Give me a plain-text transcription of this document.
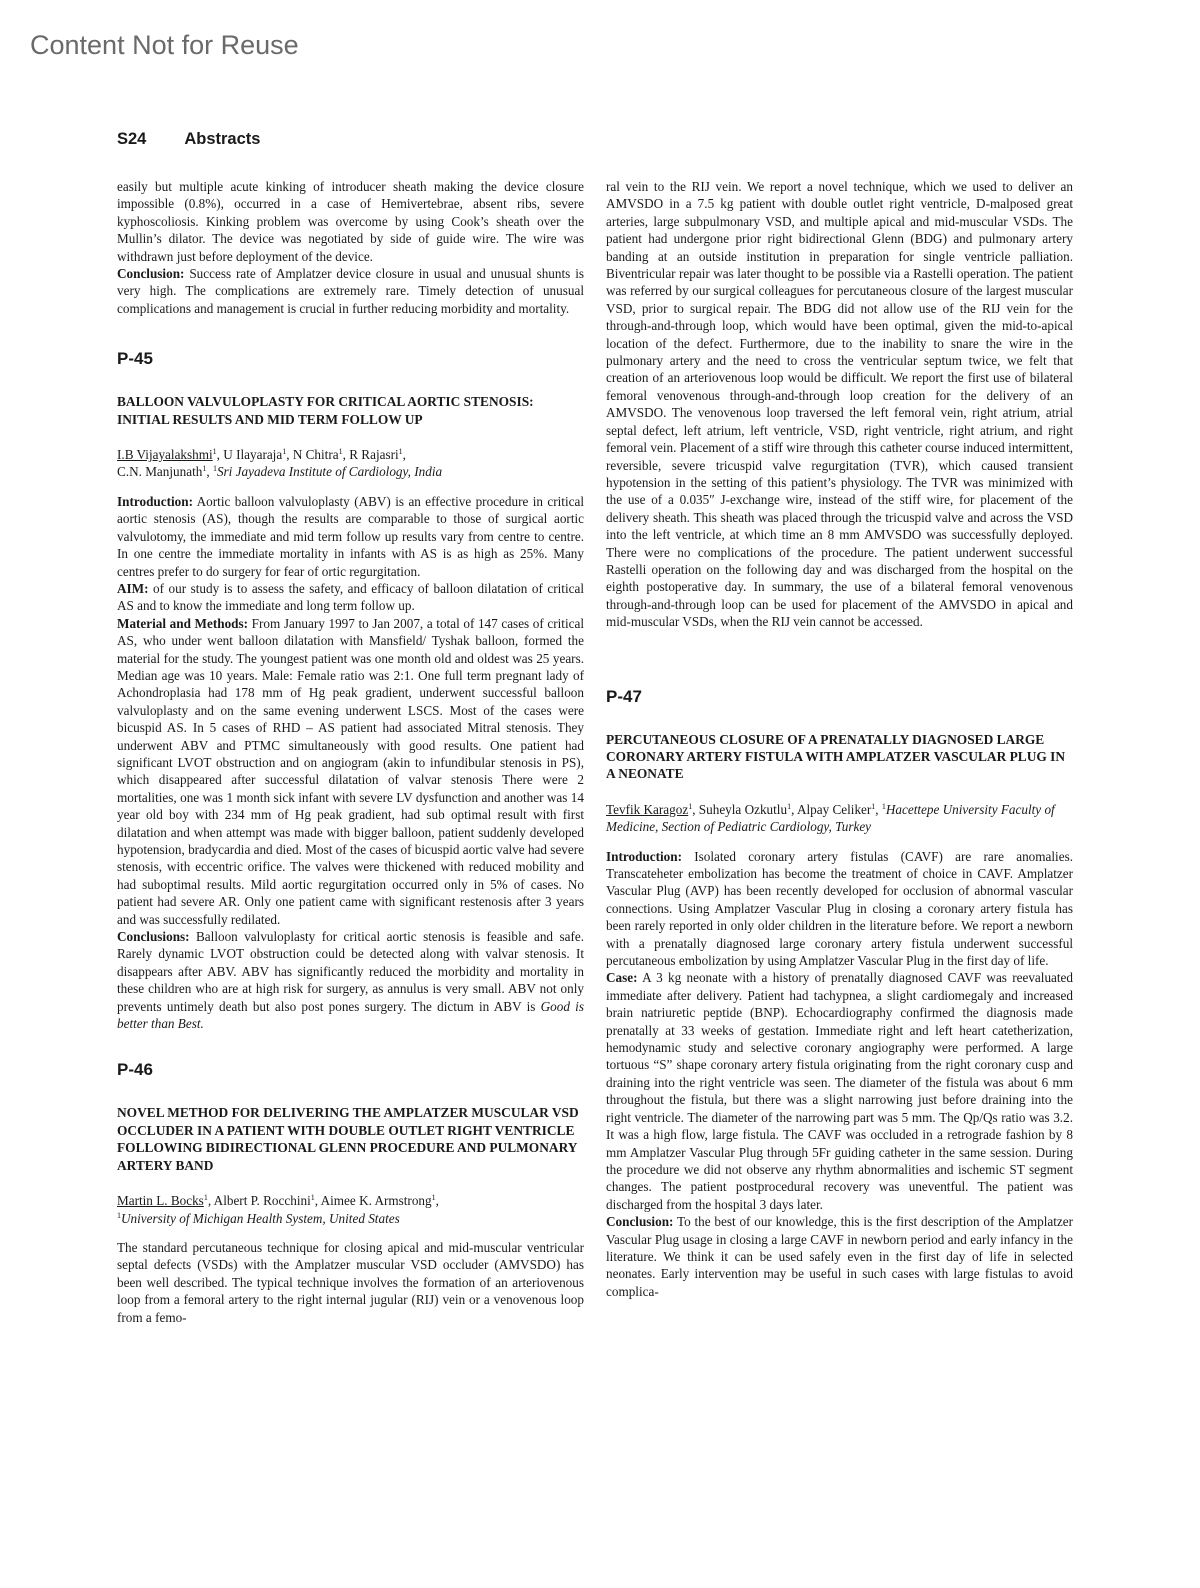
Content Not for Reuse
S24 Abstracts

easily but multiple acute kinking of introducer sheath making the device closure impossible (0.8%), occurred in a case of Hemivertebrae, absent ribs, severe kyphoscoliosis. Kinking problem was overcome by using Cook’s sheath over the Mullin’s dilator. The device was negotiated by side of guide wire. The wire was withdrawn just before deployment of the device.

Conclusion: Success rate of Amplatzer device closure in usual and unusual shunts is very high. The complications are extremely rare. Timely detection of unusual complications and management is crucial in further reducing morbidity and mortality.

P-45

BALLOON VALVULOPLASTY FOR CRITICAL AORTIC STENOSIS: INITIAL RESULTS AND MID TERM FOLLOW UP

I.B Vijayalakshmi$^1$, U Ilayaraja$^1$, N Chitra$^1$, R Rajasri$^1$,
C.N. Manjunath$^1$, $^1$Sri Jayadeva Institute of Cardiology, India

Introduction: Aortic balloon valvuloplasty (ABV) is an effective procedure in critical aortic stenosis (AS), though the results are comparable to those of surgical aortic valvulotomy, the immediate and mid term follow up results vary from centre to centre. In one centre the immediate mortality in infants with AS is as high as 25%. Many centres prefer to do surgery for fear of ortic regurgitation.

AIM: of our study is to assess the safety, and efficacy of balloon dilatation of critical AS and to know the immediate and long term follow up.

Material and Methods: From January 1997 to Jan 2007, a total of 147 cases of critical AS, who under went balloon dilatation with Mansfield/ Tyshak balloon, formed the material for the study. The youngest patient was one month old and oldest was 25 years. Median age was 10 years. Male: Female ratio was 2:1. One full term pregnant lady of Achondroplasia had 178 mm of Hg peak gradient, underwent successful balloon valvuloplasty and on the same evening underwent LSCS. Most of the cases were bicuspid AS. In 5 cases of RHD – AS patient had associated Mitral stenosis. They underwent ABV and PTMC simultaneously with good results. One patient had significant LVOT obstruction and on angiogram (akin to infundibular stenosis in PS), which disappeared after successful dilatation of valvar stenosis There were 2 mortalities, one was 1 month sick infant with severe LV dysfunction and another was 14 year old boy with 234 mm of Hg peak gradient, had sub optimal result with first dilatation and when attempt was made with bigger balloon, patient suddenly developed hypotension, bradycardia and died. Most of the cases of bicuspid aortic valve had severe stenosis, with eccentric orifice. The valves were thickened with reduced mobility and had suboptimal results. Mild aortic regurgitation occurred only in 5% of cases. No patient had severe AR. Only one patient came with significant restenosis after 3 years and was successfully redilated.

Conclusions: Balloon valvuloplasty for critical aortic stenosis is feasible and safe. Rarely dynamic LVOT obstruction could be detected along with valvar stenosis. It disappears after ABV. ABV has significantly reduced the morbidity and mortality in these children who are at high risk for surgery, as annulus is very small. ABV not only prevents untimely death but also post pones surgery. The dictum in ABV is Good is better than Best.

P-46

NOVEL METHOD FOR DELIVERING THE AMPLATZER MUSCULAR VSD OCCLUDER IN A PATIENT WITH DOUBLE OUTLET RIGHT VENTRICLE FOLLOWING BIDIRECTIONAL GLENN PROCEDURE AND PULMONARY ARTERY BAND

Martin L. Bocks$^1$, Albert P. Rocchini$^1$, Aimee K. Armstrong$^1$,
$^1$University of Michigan Health System, United States

The standard percutaneous technique for closing apical and mid-muscular ventricular septal defects (VSDs) with the Amplatzer muscular VSD occluder (AMVSDO) has been well described. The typical technique involves the formation of an arteriovenous loop from a femoral artery to the right internal jugular (RIJ) vein or a venovenous loop from a femo-

ral vein to the RIJ vein. We report a novel technique, which we used to deliver an AMVSDO in a 7.5 kg patient with double outlet right ventricle, D-malposed great arteries, large subpulmonary VSD, and multiple apical and mid-muscular VSDs. The patient had undergone prior right bidirectional Glenn (BDG) and pulmonary artery banding at an outside institution in preparation for single ventricle palliation. Biventricular repair was later thought to be possible via a Rastelli operation. The patient was referred by our surgical colleagues for percutaneous closure of the largest muscular VSD, prior to surgical repair. The BDG did not allow use of the RIJ vein for the through-and-through loop, which would have been optimal, given the mid-to-apical location of the defect. Furthermore, due to the inability to snare the wire in the pulmonary artery and the need to cross the ventricular septum twice, we felt that creation of an arteriovenous loop would be difficult. We report the first use of bilateral femoral venovenous through-and-through loop creation for the delivery of an AMVSDO. The venovenous loop traversed the left femoral vein, right atrium, atrial septal defect, left atrium, left ventricle, VSD, right ventricle, right atrium, and right femoral vein. Placement of a stiff wire through this catheter course induced intermittent, reversible, severe tricuspid valve regurgitation (TVR), which caused transient hypotension in the setting of this patient’s physiology. The TVR was minimized with the use of a 0.035″ J-exchange wire, instead of the stiff wire, for placement of the delivery sheath. This sheath was placed through the tricuspid valve and across the VSD into the left ventricle, at which time an 8 mm AMVSDO was successfully deployed. There were no complications of the procedure. The patient underwent successful Rastelli operation on the following day and was discharged from the hospital on the eighth postoperative day. In summary, the use of a bilateral femoral venovenous through-and-through loop can be used for placement of the AMVSDO in apical and mid-muscular VSDs, when the RIJ vein cannot be accessed.

P-47

PERCUTANEOUS CLOSURE OF A PRENATALLY DIAGNOSED LARGE CORONARY ARTERY FISTULA WITH AMPLATZER VASCULAR PLUG IN A NEONATE

Tevfik Karagoz$^1$, Suheyla Ozkutlu$^1$, Alpay Celiker$^1$, $^1$Hacettepe University Faculty of Medicine, Section of Pediatric Cardiology, Turkey

Introduction: Isolated coronary artery fistulas (CAVF) are rare anomalies. Transcateheter embolization has become the treatment of choice in CAVF. Amplatzer Vascular Plug (AVP) has been recently developed for occlusion of abnormal vascular connections. Using Amplatzer Vascular Plug in closing a coronary artery fistula has been rarely reported in only older children in the literature before. We report a newborn with a prenatally diagnosed large coronary artery fistula underwent successful percutaneous embolization by using Amplatzer Vascular Plug in the first day of life.

Case: A 3 kg neonate with a history of prenatally diagnosed CAVF was reevaluated immediate after delivery. Patient had tachypnea, a slight cardiomegaly and increased brain natriuretic peptide (BNP). Echocardiography confirmed the diagnosis made prenatally at 33 weeks of gestation. Immediate right and left heart catetherization, hemodynamic study and selective coronary angiography were performed. A large tortuous “S” shape coronary artery fistula originating from the right coronary cusp and draining into the right ventricle was seen. The diameter of the fistula was about 6 mm throughout the fistula, but there was a slight narrowing just before draining into the right ventricle. The diameter of the narrowing part was 5 mm. The Qp/Qs ratio was 3.2. It was a high flow, large fistula. The CAVF was occluded in a retrograde fashion by 8 mm Amplatzer Vascular Plug through 5Fr guiding catheter in the same session. During the procedure we did not observe any rhythm abnormalities and ischemic ST segment changes. The patient postprocedural recovery was uneventful. The patient was discharged from the hospital 3 days later.

Conclusion: To the best of our knowledge, this is the first description of the Amplatzer Vascular Plug usage in closing a large CAVF in newborn period and early infancy in the literature. We think it can be used safely even in the first day of life in selected neonates. Early intervention may be useful in such cases with large fistulas to avoid complica-
